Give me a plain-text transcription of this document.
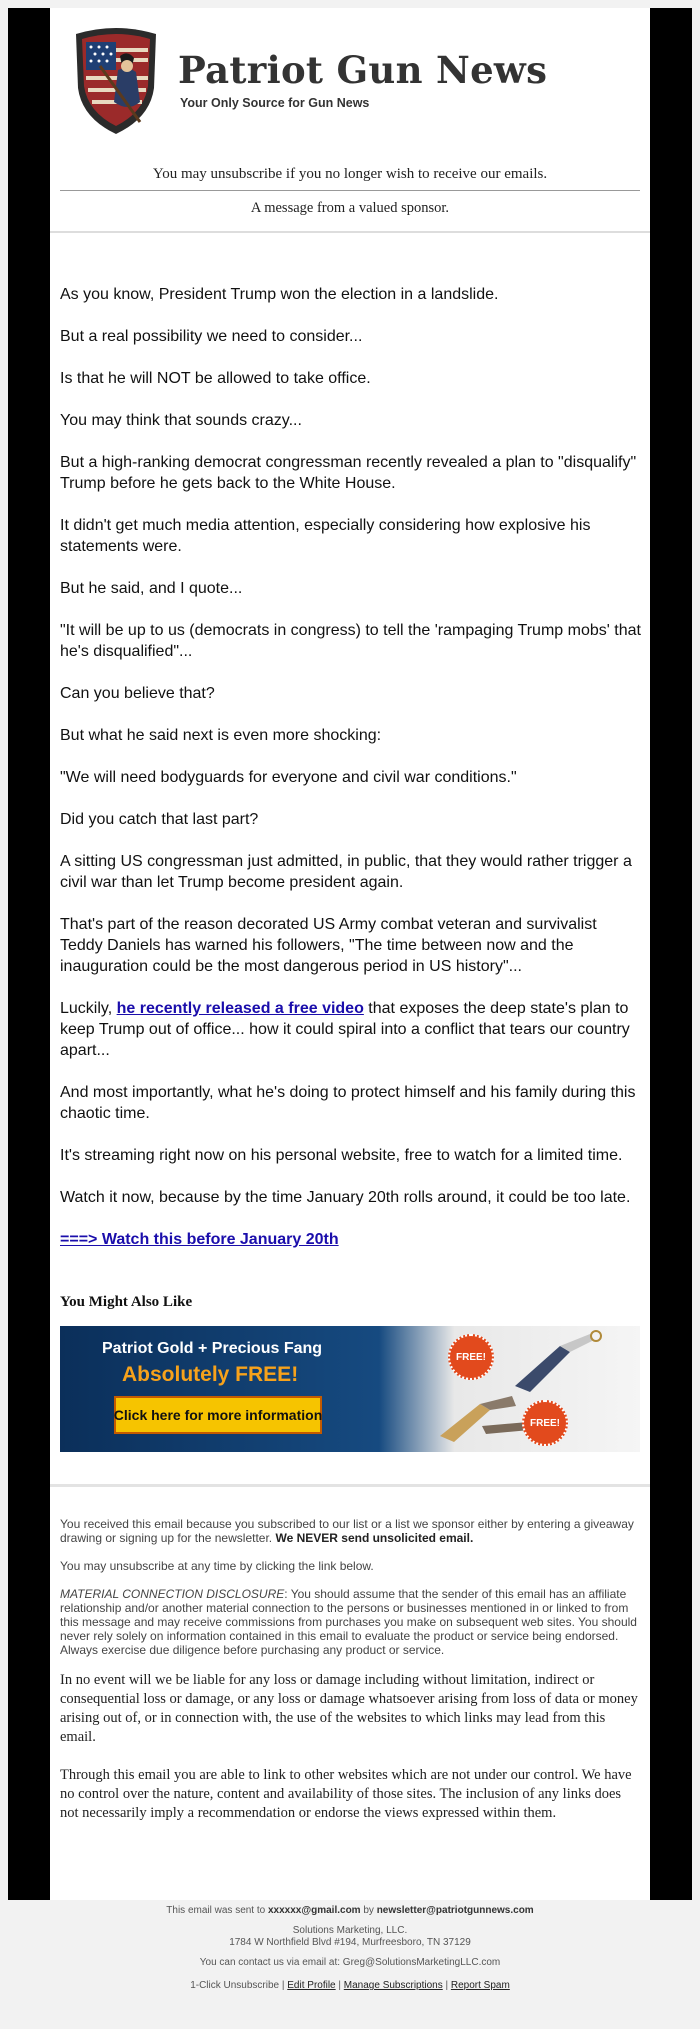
Patriot Gun News
Your Only Source for Gun News
You may unsubscribe if you no longer wish to receive our emails.
A message from a valued sponsor.

As you know, President Trump won the election in a landslide.

But a real possibility we need to consider...

Is that he will NOT be allowed to take office.

You may think that sounds crazy...

But a high-ranking democrat congressman recently revealed a plan to "disqualify" Trump before he gets back to the White House.

It didn't get much media attention, especially considering how explosive his statements were.

But he said, and I quote...

"It will be up to us (democrats in congress) to tell the 'rampaging Trump mobs' that he's disqualified"...

Can you believe that?

But what he said next is even more shocking:

"We will need bodyguards for everyone and civil war conditions."

Did you catch that last part?

A sitting US congressman just admitted, in public, that they would rather trigger a civil war than let Trump become president again.

That's part of the reason decorated US Army combat veteran and survivalist Teddy Daniels has warned his followers, "The time between now and the inauguration could be the most dangerous period in US history"...

Luckily, he recently released a free video that exposes the deep state's plan to keep Trump out of office... how it could spiral into a conflict that tears our country apart...

And most importantly, what he's doing to protect himself and his family during this chaotic time.

It's streaming right now on his personal website, free to watch for a limited time.

Watch it now, because by the time January 20th rolls around, it could be too late.

===> Watch this before January 20th
You Might Also Like
Patriot Gold + Precious Fang
Absolutely FREE!
Click here for more information
FREE!
FREE!

You received this email because you subscribed to our list or a list we sponsor either by entering a giveaway drawing or signing up for the newsletter. We NEVER send unsolicited email.

You may unsubscribe at any time by clicking the link below.

MATERIAL CONNECTION DISCLOSURE: You should assume that the sender of this email has an affiliate relationship and/or another material connection to the persons or businesses mentioned in or linked to from this message and may receive commissions from purchases you make on subsequent web sites. You should never rely solely on information contained in this email to evaluate the product or service being endorsed. Always exercise due diligence before purchasing any product or service.

In no event will we be liable for any loss or damage including without limitation, indirect or consequential loss or damage, or any loss or damage whatsoever arising from loss of data or money arising out of, or in connection with, the use of the websites to which links may lead from this email.

Through this email you are able to link to other websites which are not under our control. We have no control over the nature, content and availability of those sites. The inclusion of any links does not necessarily imply a recommendation or endorse the views expressed within them.

This email was sent to xxxxxx@gmail.com by newsletter@patriotgunnews.com
Solutions Marketing, LLC.
1784 W Northfield Blvd #194, Murfreesboro, TN 37129
You can contact us via email at: Greg@SolutionsMarketingLLC.com
1-Click Unsubscribe | Edit Profile | Manage Subscriptions | Report Spam
